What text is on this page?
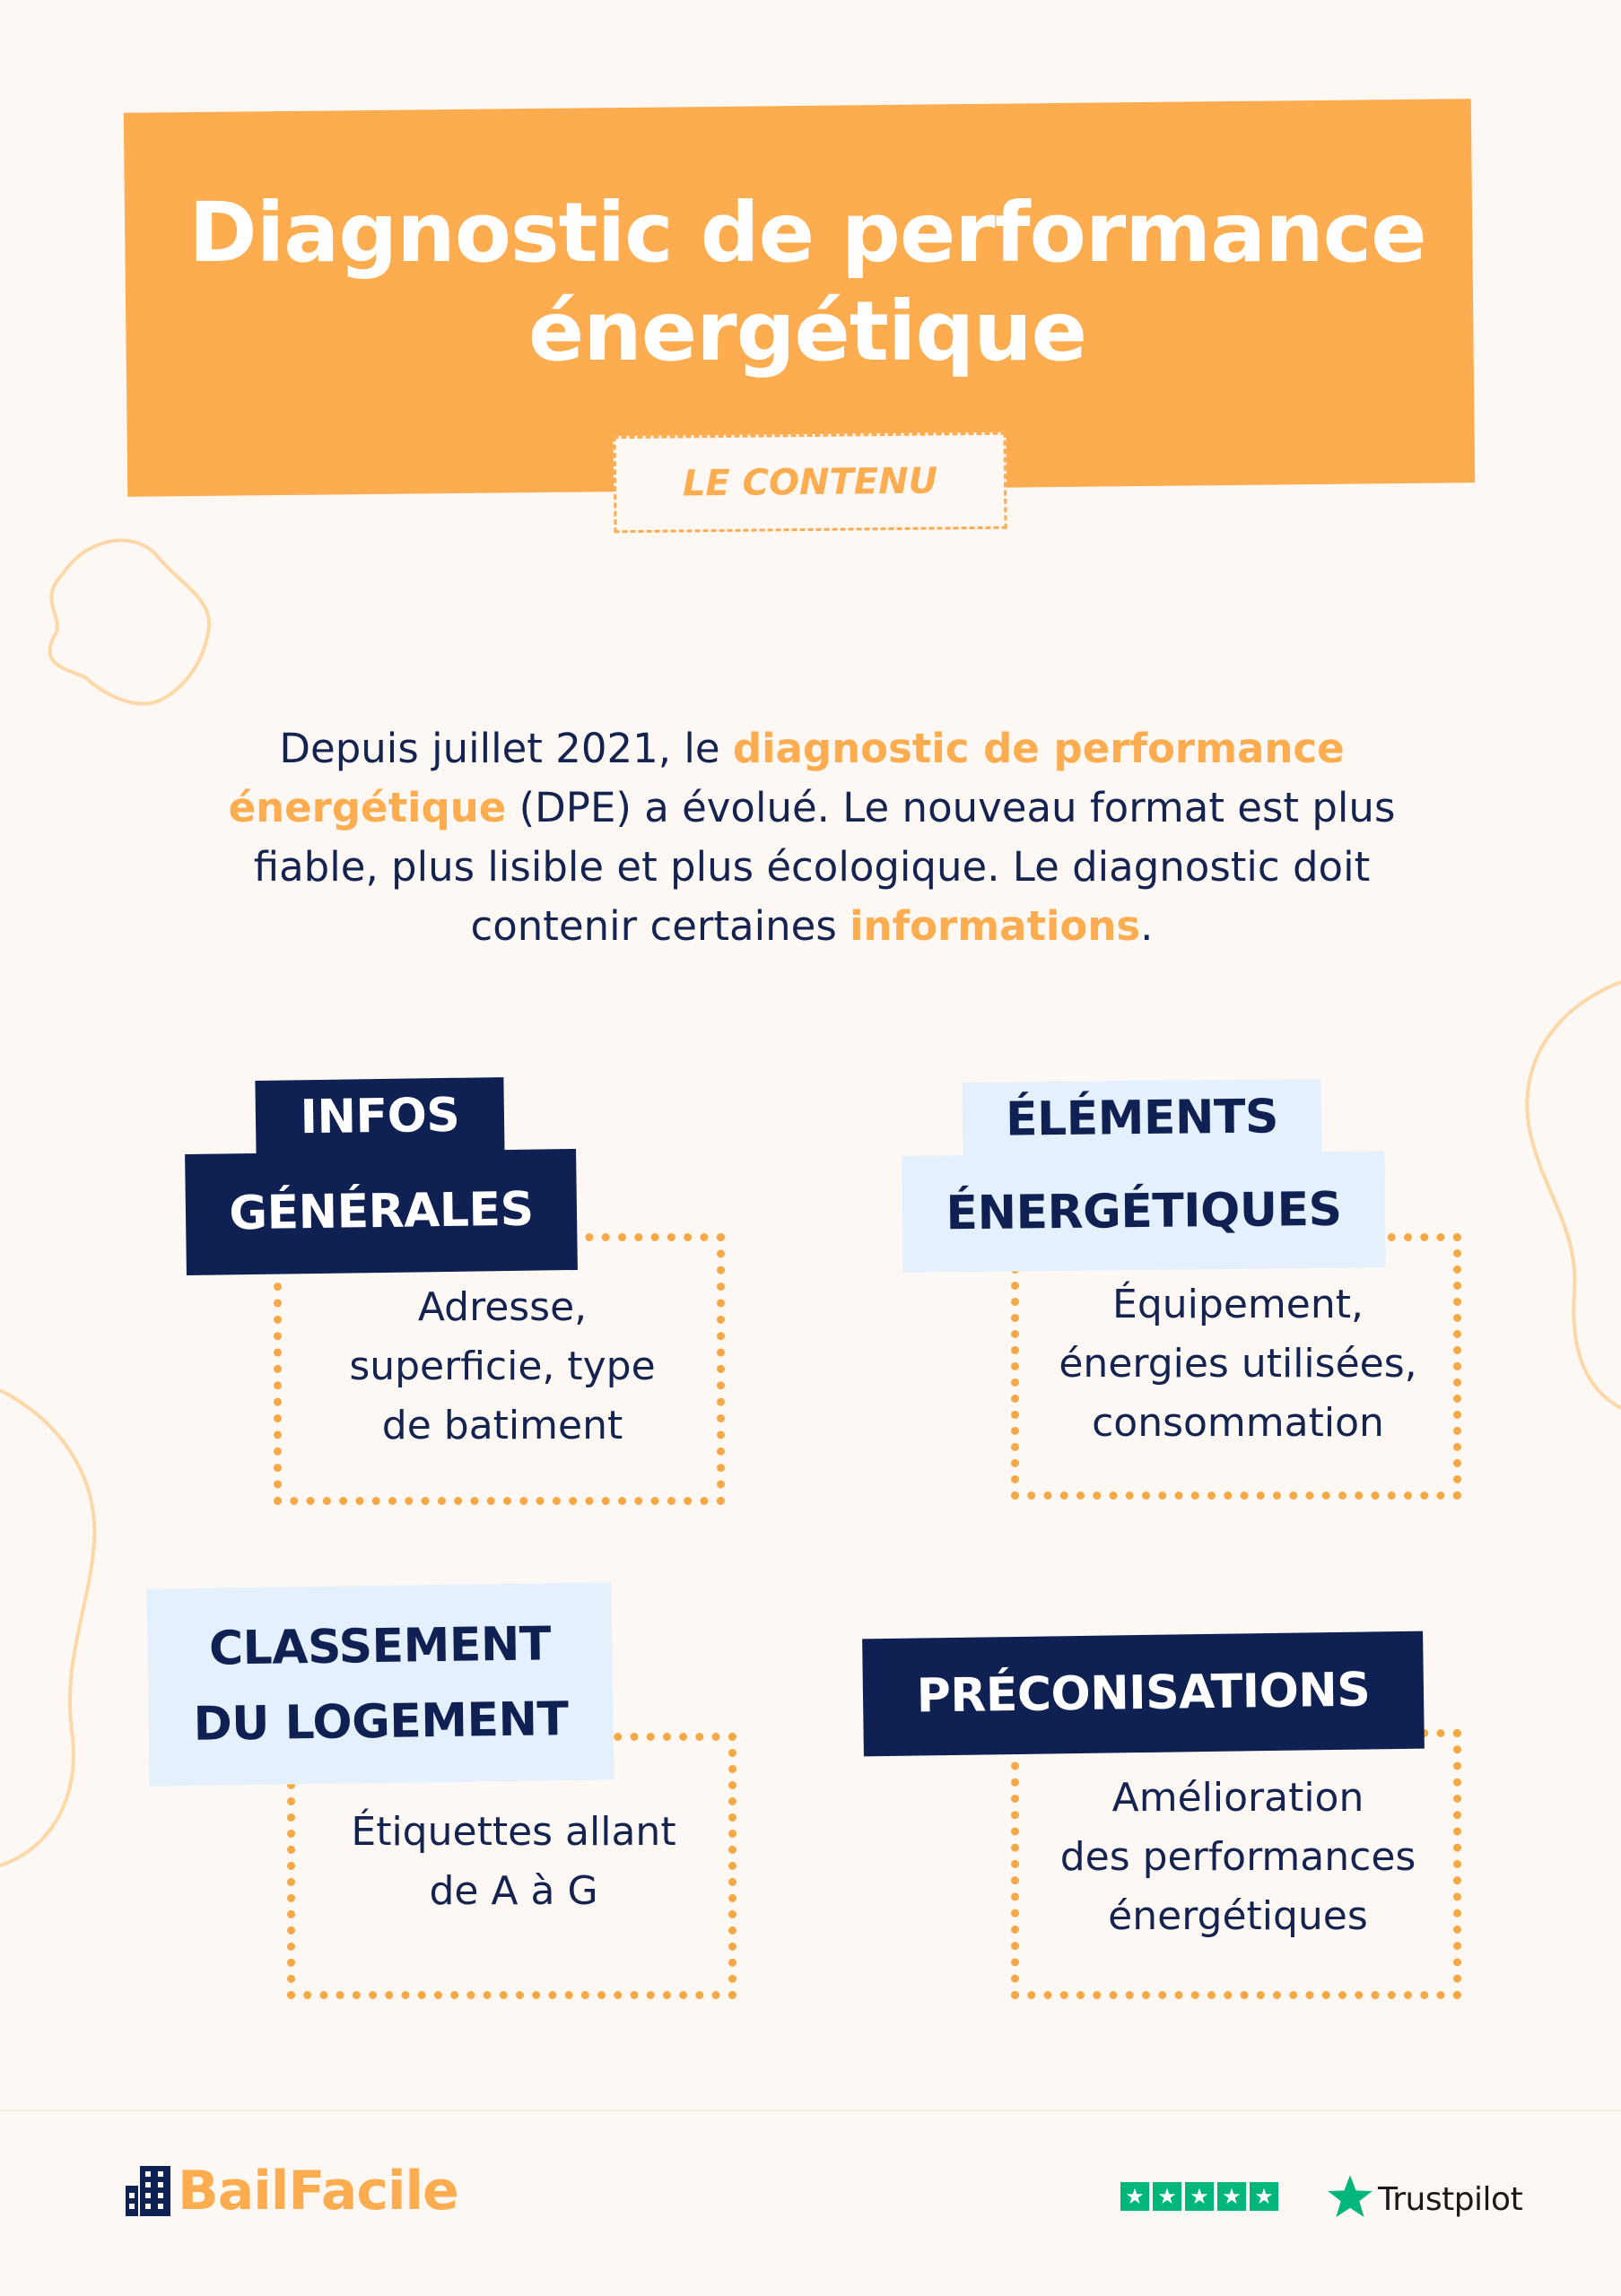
Diagnostic de performance
énergétique
LE CONTENU
Depuis juillet 2021, le diagnostic de performance énergétique (DPE) a évolué. Le nouveau format est plus fiable, plus lisible et plus écologique. Le diagnostic doit contenir certaines informations.
Adresse,
superficie, type
de batiment
INFOS
GÉNÉRALES
Équipement,
énergies utilisées,
consommation
ÉLÉMENTS
ÉNERGÉTIQUES
Étiquettes allant
de A à G
CLASSEMENT
DU LOGEMENT
Amélioration
des performances
énergétiques
PRÉCONISATIONS
BailFacile	★ ★ ★ ★ ★	Trustpilot
